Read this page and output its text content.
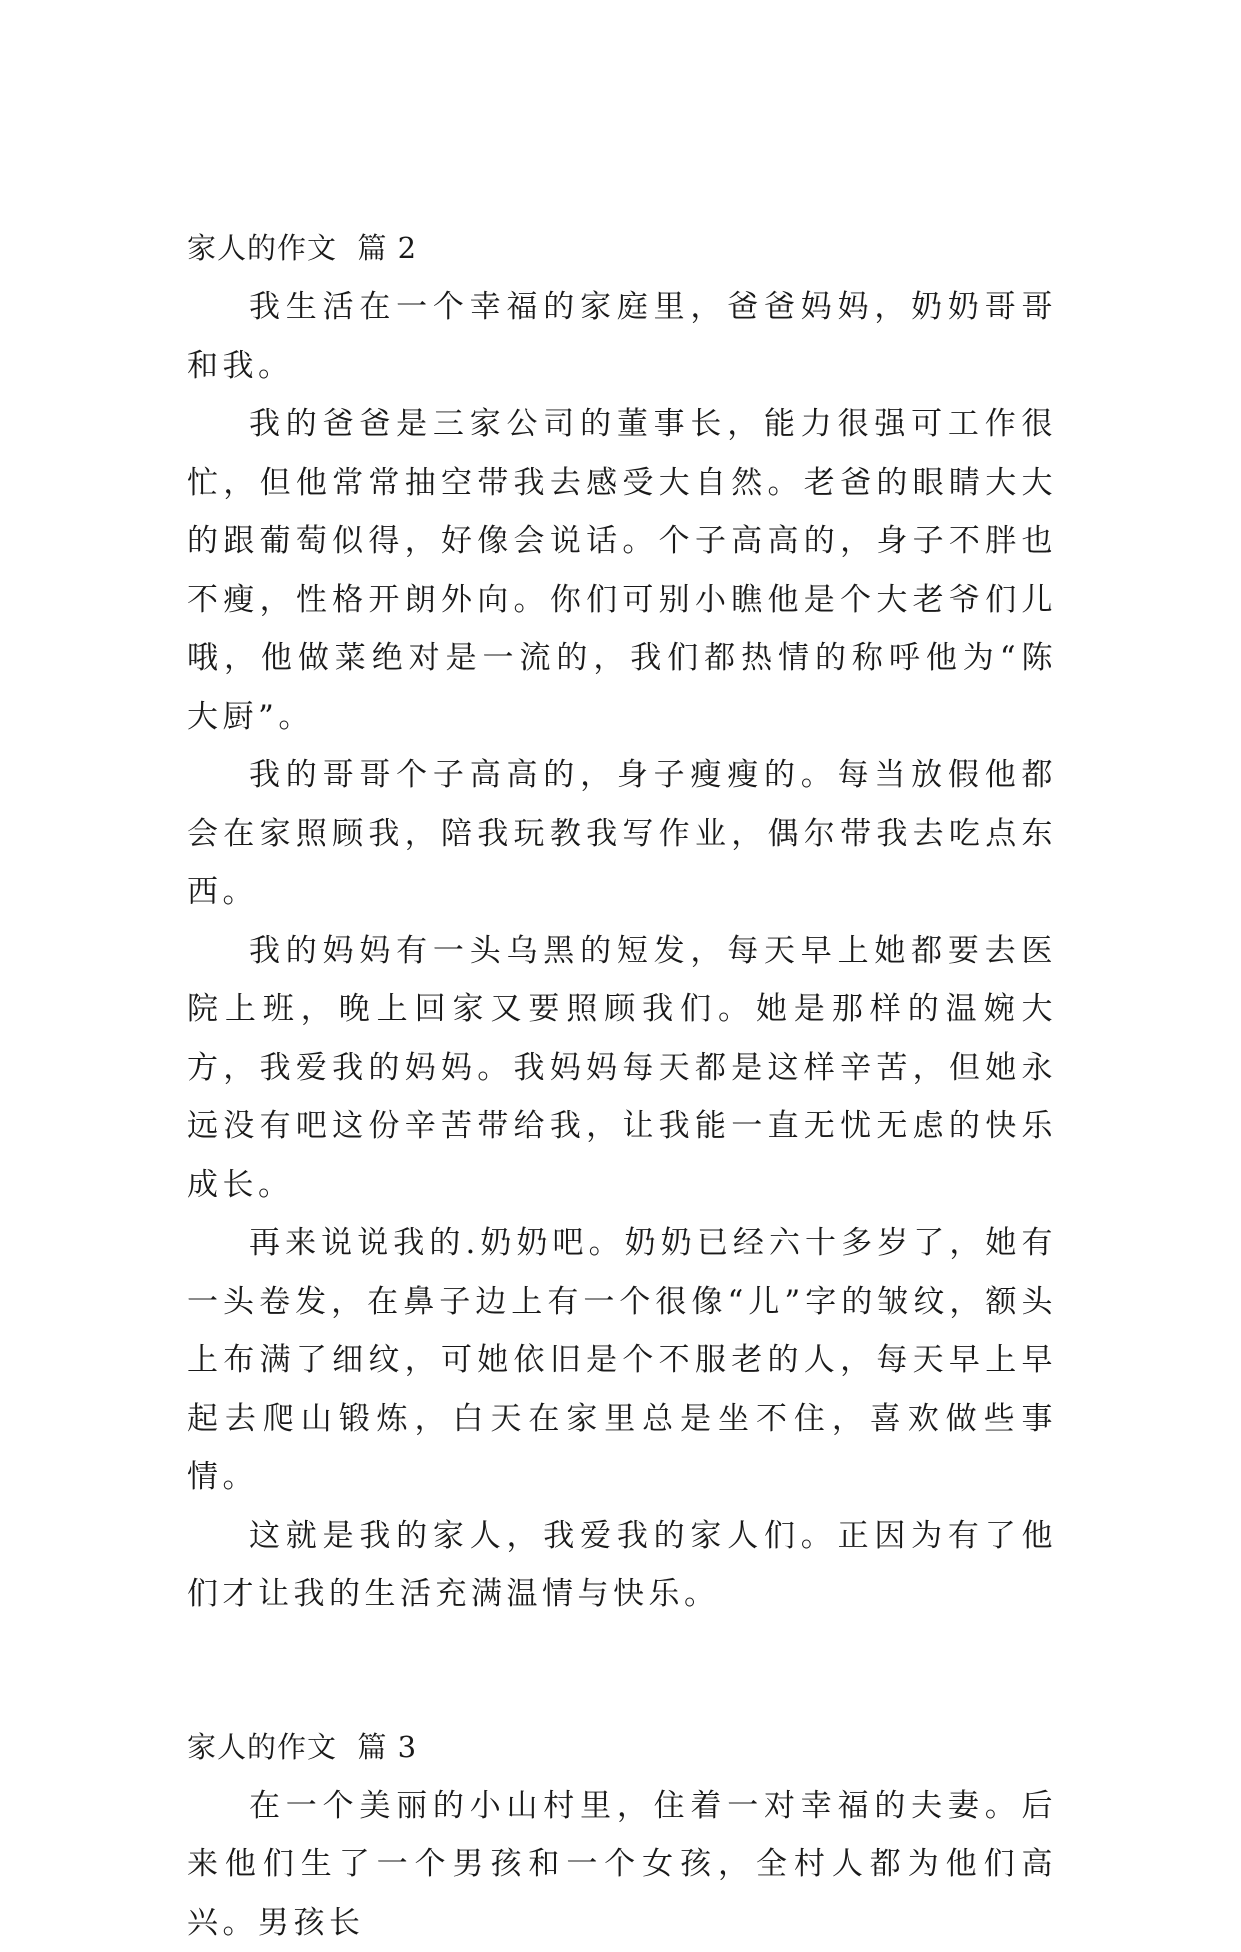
家人的作文  篇 2

我生活在一个幸福的家庭里，爸爸妈妈，奶奶哥哥和我。

我的爸爸是三家公司的董事长，能力很强可工作很忙，但他常常抽空带我去感受大自然。老爸的眼睛大大的跟葡萄似得，好像会说话。个子高高的，身子不胖也不瘦，性格开朗外向。你们可别小瞧他是个大老爷们儿哦，他做菜绝对是一流的，我们都热情的称呼他为“陈大厨”。

我的哥哥个子高高的，身子瘦瘦的。每当放假他都会在家照顾我，陪我玩教我写作业，偶尔带我去吃点东西。

我的妈妈有一头乌黑的短发，每天早上她都要去医院上班，晚上回家又要照顾我们。她是那样的温婉大方，我爱我的妈妈。我妈妈每天都是这样辛苦，但她永远没有吧这份辛苦带给我，让我能一直无忧无虑的快乐成长。

再来说说我的.奶奶吧。奶奶已经六十多岁了，她有一头卷发，在鼻子边上有一个很像“儿”字的皱纹，额头上布满了细纹，可她依旧是个不服老的人，每天早上早起去爬山锻炼，白天在家里总是坐不住，喜欢做些事情。

这就是我的家人，我爱我的家人们。正因为有了他们才让我的生活充满温情与快乐。

家人的作文  篇 3

在一个美丽的小山村里，住着一对幸福的夫妻。后来他们生了一个男孩和一个女孩，全村人都为他们高兴。男孩长
